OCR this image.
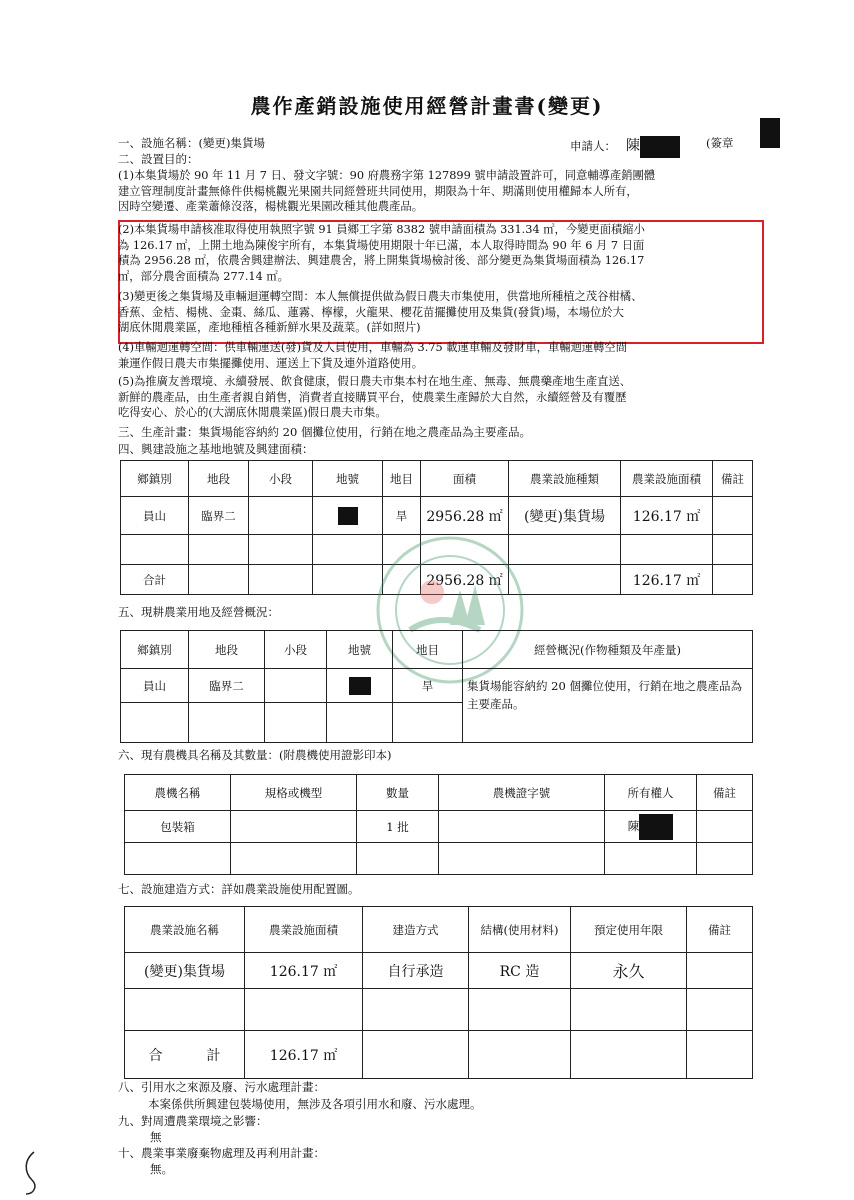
農作產銷設施使用經營計畫書(變更)
一、設施名稱：(變更)集貨場	申請人： 陳	(簽章
二、設置目的：
(1)本集貨場於 90 年 11 月 7 日、發文字號：90 府農務字第 127899 號申請設置許可，同意輔導產銷團體
建立管理制度計畫無條件供楊桃觀光果園共同經營班共同使用，期限為十年、期滿則使用權歸本人所有，
因時空變遷、產業蕭條沒落，楊桃觀光果園改種其他農產品。
(2)本集貨場申請核准取得使用執照字號 91 員鄉工字第 8382 號申請面積為 331.34 ㎡，今變更面積縮小
為 126.17 ㎡，上開土地為陳俊宇所有，本集貨場使用期限十年已滿，本人取得時間為 90 年 6 月 7 日面
積為 2956.28 ㎡，依農舍興建辦法、興建農舍，將上開集貨場檢討後、部分變更為集貨場面積為 126.17
㎡，部分農舍面積為 277.14 ㎡。
(3)變更後之集貨場及車輛迴運轉空間：本人無償提供做為假日農夫市集使用，供當地所種植之茂谷柑橘、
香蕉、金桔、楊桃、金棗、絲瓜、蓮霧、檸檬，火龍果、櫻花苗擺攤使用及集貨(發貨)場，本場位於大
湖底休閒農業區，產地種植各種新鮮水果及蔬菜。(詳如照片)
(4)車輛迴運轉空間：供車輛運送(發)貨及人員使用，車輛為 3.75 載運車輛及發財車，車輛迴運轉空間
兼運作假日農夫市集擺攤使用、運送上下貨及連外道路使用。
(5)為推廣友善環境、永續發展、飲食健康，假日農夫市集本村在地生產、無毒、無農藥產地生產直送、
新鮮的農產品，由生產者親自銷售，消費者直接購買平台，使農業生產歸於大自然，永續經營及有覆歷
吃得安心、於心的(大湖底休閒農業區)假日農夫市集。
三、生產計畫：集貨場能容納約 20 個攤位使用，行銷在地之農產品為主要產品。
四、興建設施之基地地號及興建面積：
鄉鎮別	地段	小段	地號	地目	面積	農業設施種類	農業設施面積	備註
員山	臨界二			旱	2956.28 ㎡	(變更)集貨場	126.17 ㎡	

合計					2956.28 ㎡		126.17 ㎡	
五、現耕農業用地及經營概況：
鄉鎮別	地段	小段	地號	地目	經營概況(作物種類及年產量)
員山	臨界二			旱	集貨場能容納約 20 個攤位使用，行銷在地之農產品為主要產品。

六、現有農機具名稱及其數量：(附農機使用證影印本)
農機名稱	規格或機型	數量	農機證字號	所有權人	備註
包裝箱		1 批		陳	

七、設施建造方式：詳如農業設施使用配置圖。
農業設施名稱	農業設施面積	建造方式	結構(使用材料)	預定使用年限	備註
(變更)集貨場	126.17 ㎡	自行承造	RC 造	永久	

合 計	126.17 ㎡				
八、引用水之來源及廢、污水處理計畫：
本案係供所興建包裝場使用，無涉及各項引用水和廢、污水處理。
九、對周遭農業環境之影響：
無
十、農業事業廢棄物處理及再利用計畫：
無。
